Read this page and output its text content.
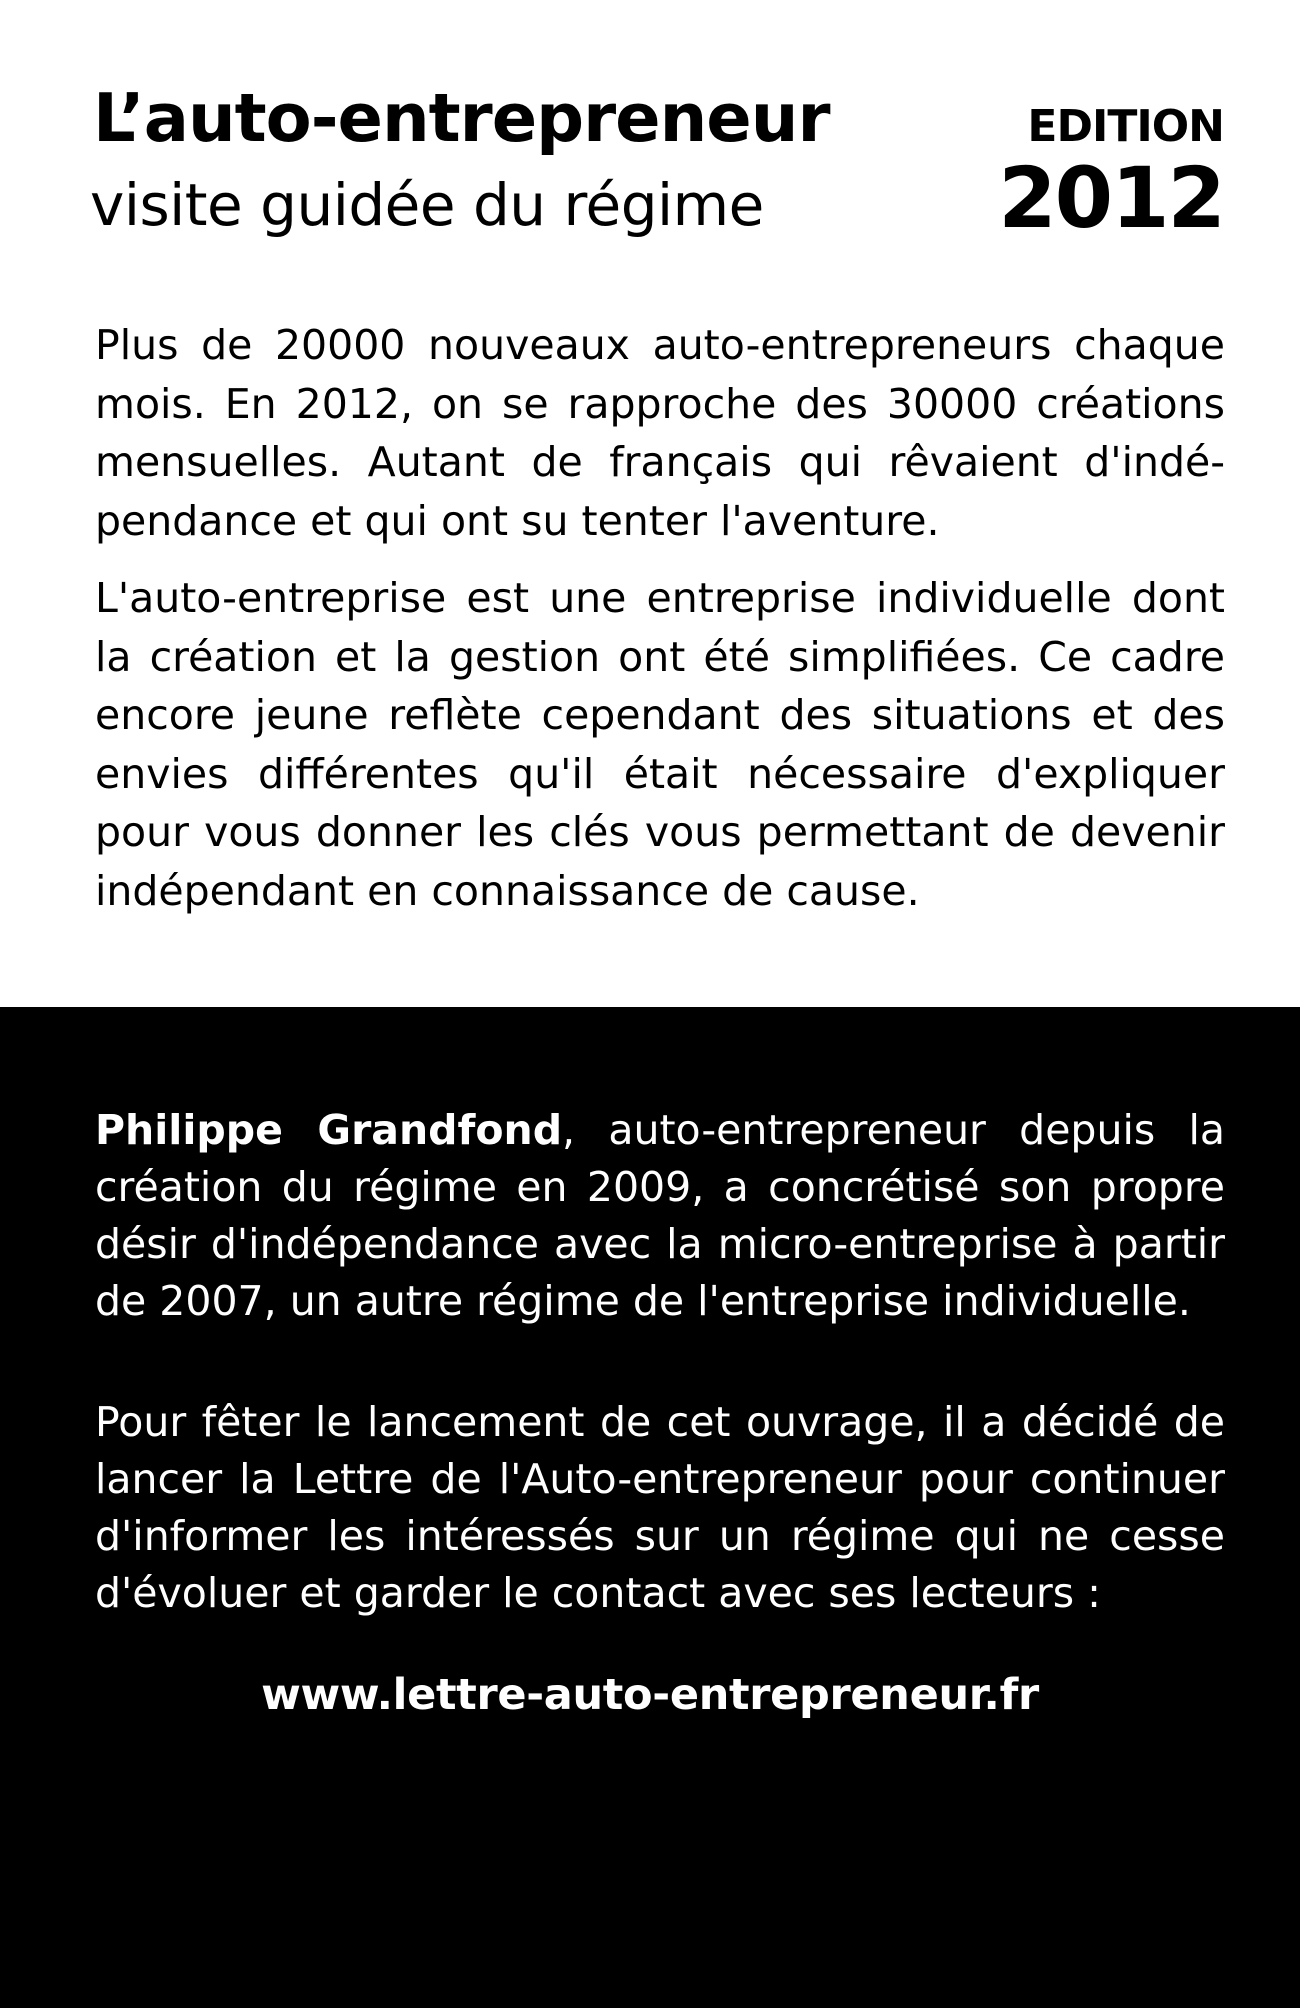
L’auto-entrepreneur
visite guidée du régime
EDITION
2012

Plus de 20000 nouveaux auto-entrepreneurs chaque mois. En 2012, on se rapproche des 30000 créations mensuelles. Autant de français qui rêvaient d'indépendance et qui ont su tenter l'aventure.

L'auto-entreprise est une entreprise individuelle dont la création et la gestion ont été simplifiées. Ce cadre encore jeune reflète cependant des situations et des envies différentes qu'il était nécessaire d'expliquer pour vous donner les clés vous permettant de devenir indépendant en connaissance de cause.

Philippe Grandfond, auto-entrepreneur depuis la création du régime en 2009, a concrétisé son propre désir d'indépendance avec la micro-entreprise à partir de 2007, un autre régime de l'entreprise individuelle.

Pour fêter le lancement de cet ouvrage, il a décidé de lancer la Lettre de l'Auto-entrepreneur pour continuer d'informer les intéressés sur un régime qui ne cesse d'évoluer et garder le contact avec ses lecteurs :

www.lettre-auto-entrepreneur.fr
